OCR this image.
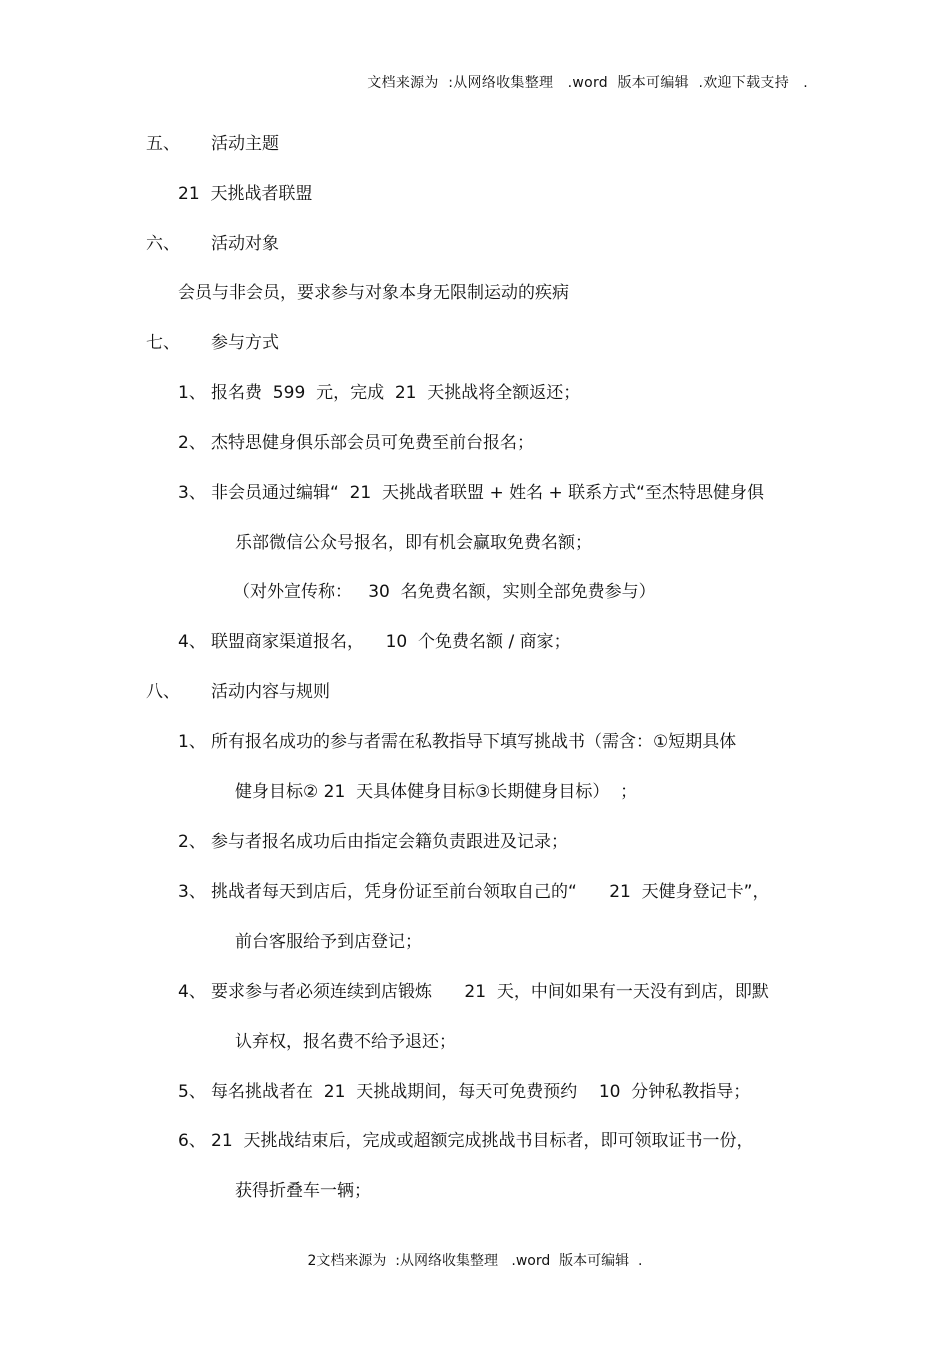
文档来源为  :从网络收集整理   .word  版本可编辑  .欢迎下载支持   .
五、 活动主题
21  天挑战者联盟
六、 活动对象
会员与非会员，要求参与对象本身无限制运动的疾病
七、 参与方式
1、 报名费  599  元，完成  21  天挑战将全额返还；
2、 杰特思健身俱乐部会员可免费至前台报名；
3、 非会员通过编辑“  21  天挑战者联盟 + 姓名 + 联系方式“至杰特思健身俱
乐部微信公众号报名，即有机会赢取免费名额；
（对外宣传称：   30  名免费名额，实则全部免费参与）
4、 联盟商家渠道报名，    10  个免费名额 / 商家；
八、 活动内容与规则
1、 所有报名成功的参与者需在私教指导下填写挑战书（需含：①短期具体
健身目标② 21  天具体健身目标③长期健身目标）  ；
2、 参与者报名成功后由指定会籍负责跟进及记录；
3、 挑战者每天到店后，凭身份证至前台领取自己的“      21  天健身登记卡”，
前台客服给予到店登记；
4、 要求参与者必须连续到店锻炼      21  天，中间如果有一天没有到店，即默
认弃权，报名费不给予退还；
5、 每名挑战者在  21  天挑战期间，每天可免费预约    10  分钟私教指导；
6、 21  天挑战结束后，完成或超额完成挑战书目标者，即可领取证书一份，
获得折叠车一辆；
2文档来源为  :从网络收集整理   .word  版本可编辑  .
